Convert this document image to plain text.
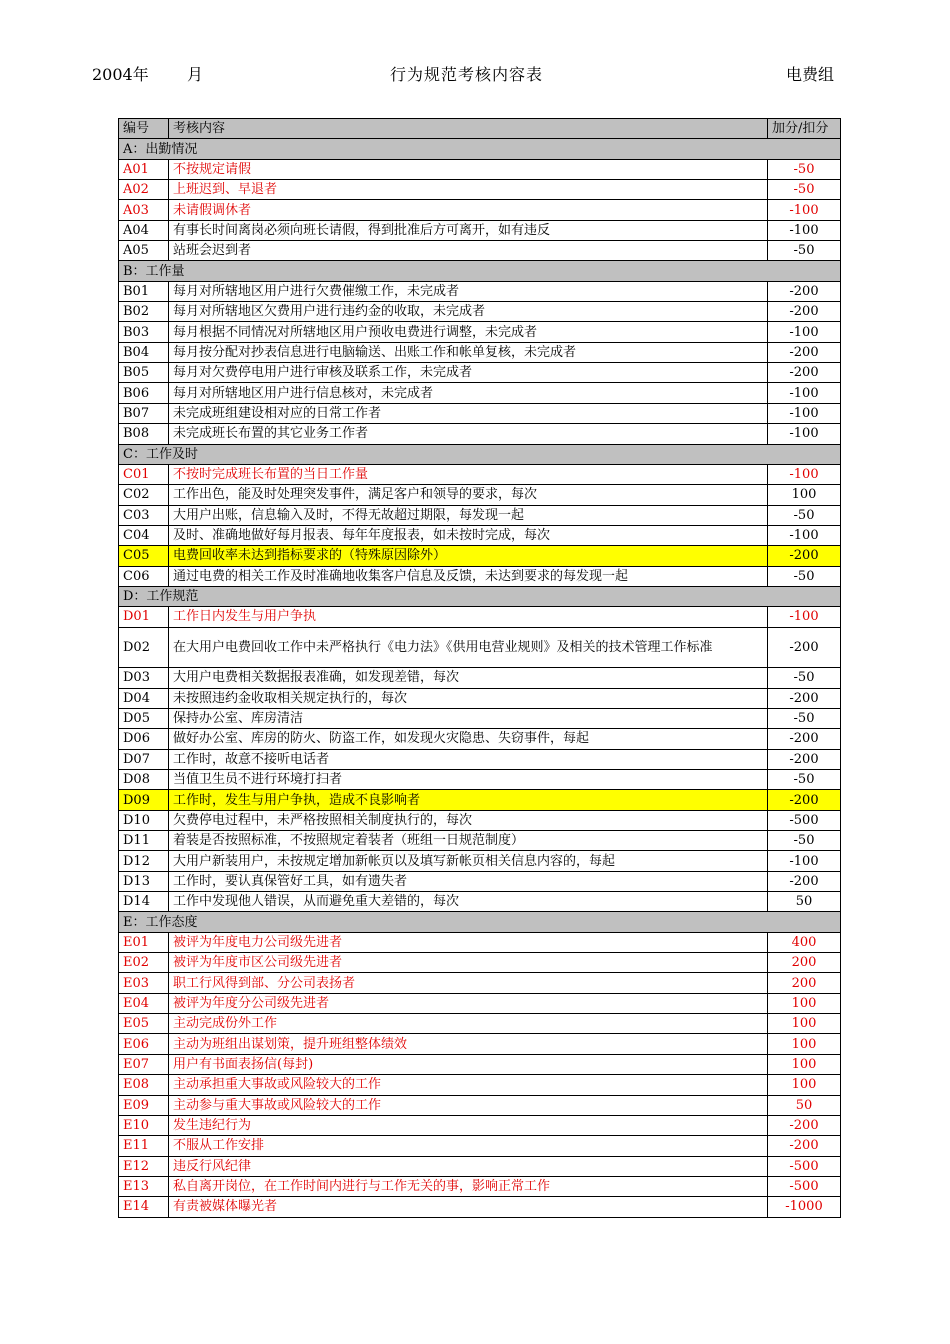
2004年 月	行为规范考核内容表	电费组
编号	考核内容	加分/扣分
A：出勤情况		
A01	不按规定请假	-50
A02	上班迟到、早退者	-50
A03	未请假调休者	-100
A04	有事长时间离岗必须向班长请假，得到批准后方可离开，如有违反	-100
A05	站班会迟到者	-50
B：工作量		
B01	每月对所辖地区用户进行欠费催缴工作，未完成者	-200
B02	每月对所辖地区欠费用户进行违约金的收取，未完成者	-200
B03	每月根据不同情况对所辖地区用户预收电费进行调整，未完成者	-100
B04	每月按分配对抄表信息进行电脑输送、出账工作和帐单复核，未完成者	-200
B05	每月对欠费停电用户进行审核及联系工作，未完成者	-200
B06	每月对所辖地区用户进行信息核对，未完成者	-100
B07	未完成班组建设相对应的日常工作者	-100
B08	未完成班长布置的其它业务工作者	-100
C：工作及时		
C01	不按时完成班长布置的当日工作量	-100
C02	工作出色，能及时处理突发事件，满足客户和领导的要求，每次	100
C03	大用户出账，信息输入及时，不得无故超过期限，每发现一起	-50
C04	及时、准确地做好每月报表、每年年度报表，如未按时完成，每次	-100
C05	电费回收率未达到指标要求的（特殊原因除外）	-200
C06	通过电费的相关工作及时准确地收集客户信息及反馈，未达到要求的每发现一起	-50
D：工作规范		
D01	工作日内发生与用户争执	-100
D02	在大用户电费回收工作中未严格执行《电力法》《供用电营业规则》及相关的技术管理工作标准	-200
D03	大用户电费相关数据报表准确，如发现差错，每次	-50
D04	未按照违约金收取相关规定执行的，每次	-200
D05	保持办公室、库房清洁	-50
D06	做好办公室、库房的防火、防盗工作，如发现火灾隐患、失窃事件，每起	-200
D07	工作时，故意不接听电话者	-200
D08	当值卫生员不进行环境打扫者	-50
D09	工作时，发生与用户争执，造成不良影响者	-200
D10	欠费停电过程中，未严格按照相关制度执行的，每次	-500
D11	着装是否按照标准，不按照规定着装者（班组一日规范制度）	-50
D12	大用户新装用户，未按规定增加新帐页以及填写新帐页相关信息内容的，每起	-100
D13	工作时，要认真保管好工具，如有遗失者	-200
D14	工作中发现他人错误，从而避免重大差错的，每次	50
E：工作态度		
E01	被评为年度电力公司级先进者	400
E02	被评为年度市区公司级先进者	200
E03	职工行风得到部、分公司表扬者	200
E04	被评为年度分公司级先进者	100
E05	主动完成份外工作	100
E06	主动为班组出谋划策，提升班组整体绩效	100
E07	用户有书面表扬信(每封)	100
E08	主动承担重大事故或风险较大的工作	100
E09	主动参与重大事故或风险较大的工作	50
E10	发生违纪行为	-200
E11	不服从工作安排	-200
E12	违反行风纪律	-500
E13	私自离开岗位，在工作时间内进行与工作无关的事，影响正常工作	-500
E14	有责被媒体曝光者	-1000
